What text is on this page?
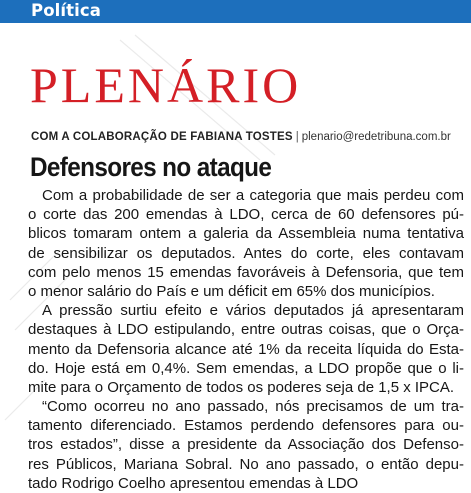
Política
PLENÁRIO
COM A COLABORAÇÃO DE FABIANA TOSTES | plenario@redetribuna.com.br
Defensores no ataque
Com a probabilidade de ser a categoria que mais perdeu com
o corte das 200 emendas à LDO, cerca de 60 defensores pú-
blicos tomaram ontem a galeria da Assembleia numa tentativa
de sensibilizar os deputados. Antes do corte, eles contavam
com pelo menos 15 emendas favoráveis à Defensoria, que tem
o menor salário do País e um déficit em 65% dos municípios.
A pressão surtiu efeito e vários deputados já apresentaram
destaques à LDO estipulando, entre outras coisas, que o Orça-
mento da Defensoria alcance até 1% da receita líquida do Esta-
do. Hoje está em 0,4%. Sem emendas, a LDO propõe que o li-
mite para o Orçamento de todos os poderes seja de 1,5 x IPCA.
“Como ocorreu no ano passado, nós precisamos de um tra-
tamento diferenciado. Estamos perdendo defensores para ou-
tros estados”, disse a presidente da Associação dos Defenso-
res Públicos, Mariana Sobral. No ano passado, o então depu-
tado Rodrigo Coelho apresentou emendas à LDO
